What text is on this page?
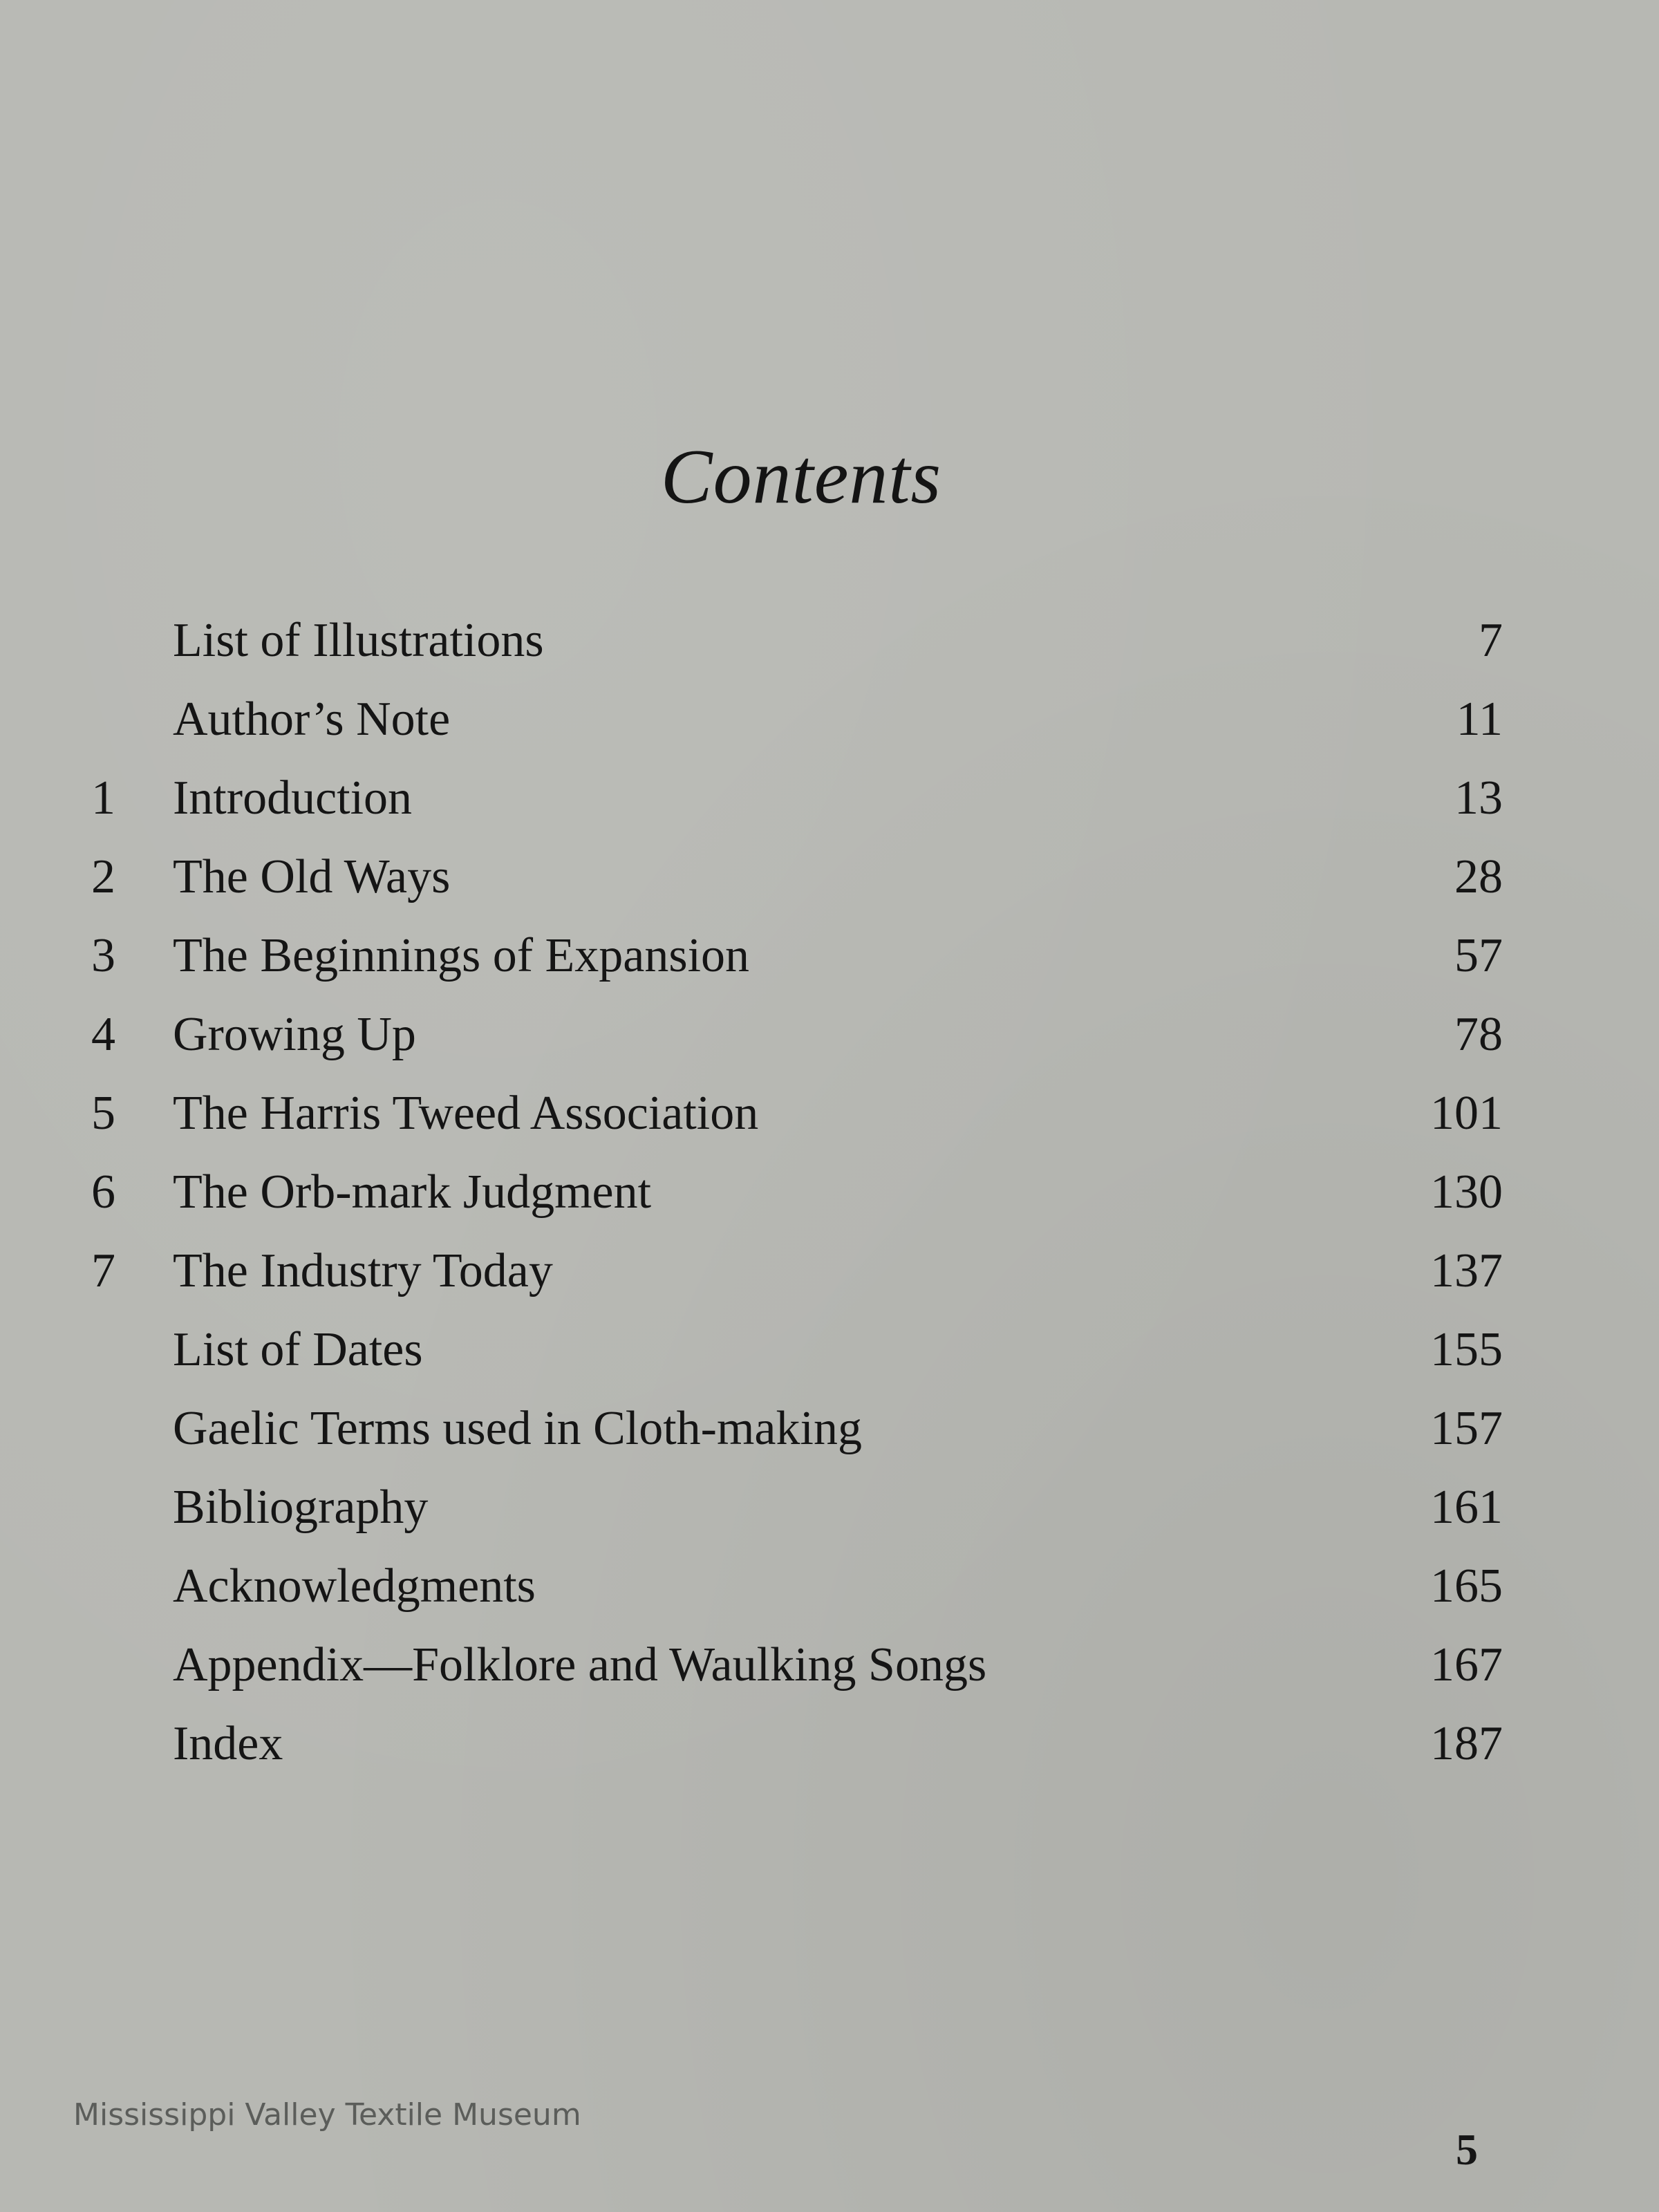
Contents
List of Illustrations	7
Author’s Note	11
1	Introduction	13
2	The Old Ways	28
3	The Beginnings of Expansion	57
4	Growing Up	78
5	The Harris Tweed Association	101
6	The Orb-mark Judgment	130
7	The Industry Today	137
List of Dates	155
Gaelic Terms used in Cloth-making	157
Bibliography	161
Acknowledgments	165
Appendix—Folklore and Waulking Songs	167
Index	187
Mississippi Valley Textile Museum
5
